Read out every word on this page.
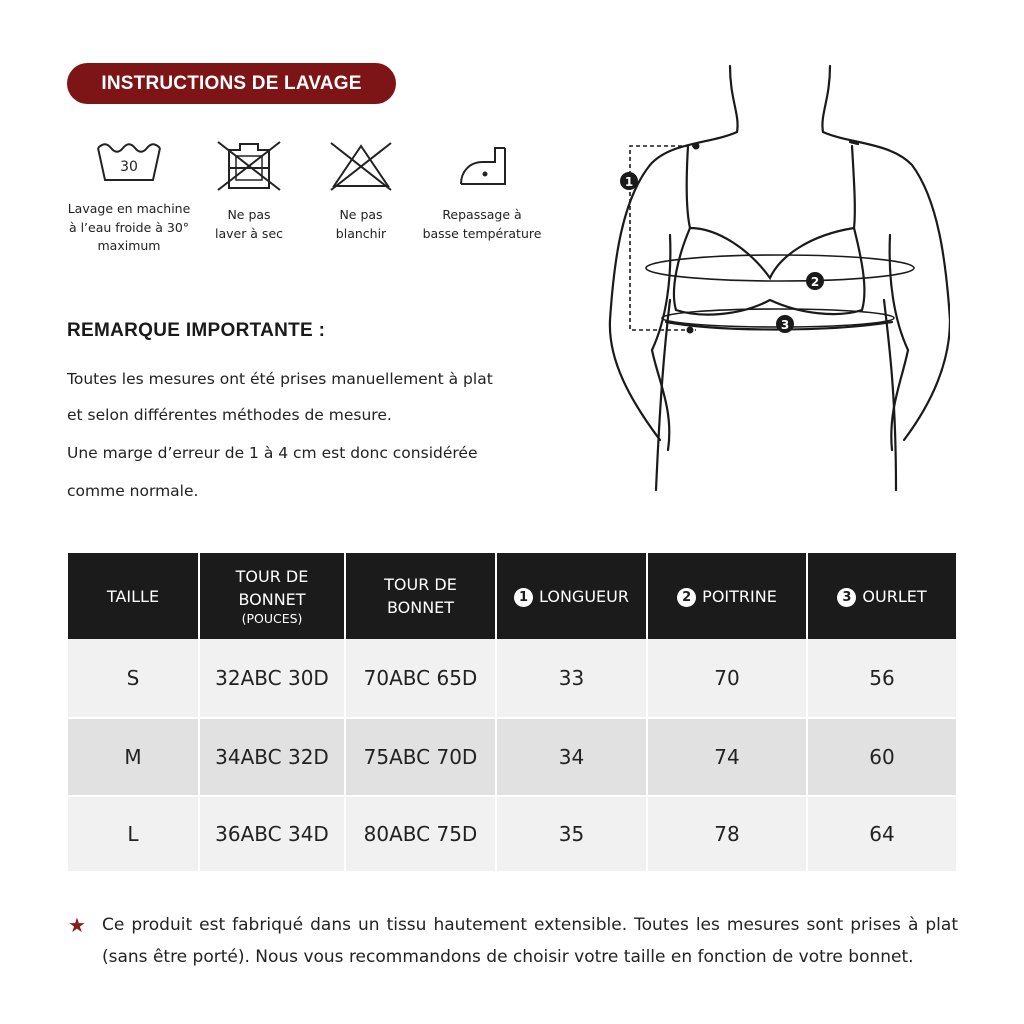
INSTRUCTIONS DE LAVAGE
30
Lavage en machine
à l’eau froide à 30°
maximum
Ne pas
laver à sec
Ne pas
blanchir
Repassage à
basse température
REMARQUE IMPORTANTE :
Toutes les mesures ont été prises manuellement à plat
et selon différentes méthodes de mesure.
Une marge d’erreur de 1 à 4 cm est donc considérée
comme normale.
1
2
3
TAILLE	TOUR DE
BONNET
(POUCES)	TOUR DE
BONNET	1 LONGUEUR	2 POITRINE	3 OURLET
S	32ABC 30D	70ABC 65D	33	70	56
M	34ABC 32D	75ABC 70D	34	74	60
L	36ABC 34D	80ABC 75D	35	78	64
★ Ce produit est fabriqué dans un tissu hautement extensible. Toutes les mesures sont prises à plat (sans être porté). Nous vous recommandons de choisir votre taille en fonction de votre bonnet.
